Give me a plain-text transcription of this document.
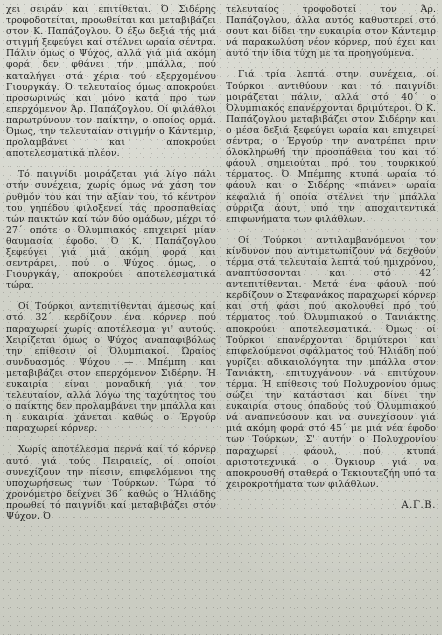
χει σειράν και επιτίθεται. Ό Σιδέρης τροφοδοτείται, προωθείται και μεταβιβάζει στον Κ. Παπάζογλου. Ό έξω δεξιά τής μιά στιγμή ξεφεύγει καί στέλνει ωραία σέντρα. Πάλιν όμως ο Ψύχος, αλλά γιά μιά ακόμη φορά δεν φθάνει τήν μπάλλα, πού καταλήγει στά χέρια τού εξερχομένου Γιουργκάγ. Ό τελευταίος όμως αποκρούει προσωρινώς και μόνο κατά προ των επερχόμενον Άρ. Παπάζογλου. Οί φιλάθλοι παρωτρύνουν τον παίκτην, ο οποίος ορμά. Όμως, την τελευταίαν στιγμήν ο Κάντεμιρ, προλαμβάνει και αποκρούει αποτελεσματικά πλέον.

Τό παιγνίδι μοιράζεται γιά λίγο πάλι στήν συνέχεια, χωρίς όμως νά χάση τον ρυθμόν του και την αξίαν του, τό κέντρον του γηπέδου φιλοξενεί τάς προσπαθείας τών παικτών καί τών δύο ομάδων, μέχρι τό 27΄ οπότε ο Όλυμπιακός επιχειρεί μίαν θαυμασία έφοδο. Ό Κ. Παπάζογλου ξεφεύγει γιά μιά ακόμη φορά και σεντράρει, πού ο Ψύχος όμως, ο Γιουργκάγ, αποκρούει αποτελεσματικά τώρα.

Οί Τούρκοι αντεπιτίθενται άμεσως καί στό 32΄ κερδίζουν ένα κόρνερ πού παραχωρεί χωρίς αποτέλεσμα γι' αυτούς. Χειρίζεται όμως ο Ψύχος αναπαφιβόλως την επίθεσιν οί Όλυμπιακοί. Ώραίος συνδυασμός Ψύχου — Μπέμπη και μεταβιβάζει στον επερχόμενον Σιδέρην. Ή ευκαιρία είναι μοναδική γιά τον τελευταίον, αλλά λόγω της ταχύτητος του ο παίκτης δεν προλαμβάνει την μπάλλα και η ευκαιρία χάνεται καθώς ο Έργούρ παραχωρεί κόρνερ.

Χωρίς αποτέλεσμα περνά καί τό κόρνερ αυτό γιά τούς Πειραιείς, οί οποίοι συνεχίζουν την πίεσιν, επιφελόμενοι της υποχωρήσεως των Τούρκων. Τώρα τό χρονόμετρο δείχνει 36΄ καθώς ο Ήλιάδης προωθεί τό παιγνίδι καί μεταβιβάζει στόν Ψύχον. Ό

τελευταίος τροφοδοτεί τον Άρ. Παπάζογλου, άλλα αυτός καθυστερεί στό σουτ και δίδει την ευκαιρία στον Κάντεμιρ νά παρακωλύση νέον κόρνερ, πού έχει και αυτό την ίδια τύχη με τα προηγούμενα.

Γιά τρία λεπτά στην συνέχεια, οί Τούρκοι αντιθύουν και τό παιγνίδι μοιράζεται πάλιν, αλλά στό 40΄ ο Όλυμπιακός επανέρχονται δριμύτεροι. Ό Κ. Παπάζογλου μεταβιβάζει στον Σιδέρην και ο μέσα δεξιά ξεφεύγει ωραία και επιχειρεί σέντρα, ο Έργούρ την ανατρέπει πριν όλοκληρωθή την προσπάθεια του και τό φάουλ σημειούται πρό του τουρκικού τέρματος. Ό Μπέμπης κτυπά ωραία τό φάουλ και ο Σιδέρης «πιάνει» ωραία κεφαλιά ή οποία στέλνει την μπάλλα σύρριζα άουτ, υπό την αποχαιτεντικά επιφωνήματα των φιλάθλων.

Οί Τούρκοι αντιλαμβανόμενοι τον κίνδυνον που αντιμετωπίζουν νά δεχθούν τέρμα στά τελευταία λεπτά τού ημιχρόνου, αναπτύσσονται και στό 42΄ αντεπιτίθενται. Μετά ένα φάουλ πού κερδίζουν ο Στεφανάκος παραχωρεί κόρνερ και στή φάσι πού ακολουθεί πρό τού τέρματος τού Όλυμπιακού ο Τανιάκτης αποκρούει αποτελεσματικά. Όμως οί Τούρκοι επανέρχονται δριμύτεροι και επιφελούμενοι σφάλματος τού Ήλιάδη πού γυρίζει αδικαιολόγητα την μπάλλα στον Τανιάκτη, επιτυχγάνουν νά επιτύχουν τέρμα. Ή επίθεσις τού Πολυχρονίου όμως σώζει την κατάστασι και δίνει την ευκαιρία στους όπαδούς τού Όλυμπιακού νά αναπνεύσουν και να συνεχίσουν γιά μιά ακόμη φορά στό 45΄ με μιά νέα έφοδο των Τούρκων, Σ' αυτήν ο Πολυχρονίου παραχωρεί φάουλ, πού κτυπά αριστοτεχνικά ο Όγκιουρ γιά να αποκρουσθή σταθερά ο Τεκιουτεζήη υπό τα χειροκροτήματα των φιλάθλων.

Α.Γ.Β.
